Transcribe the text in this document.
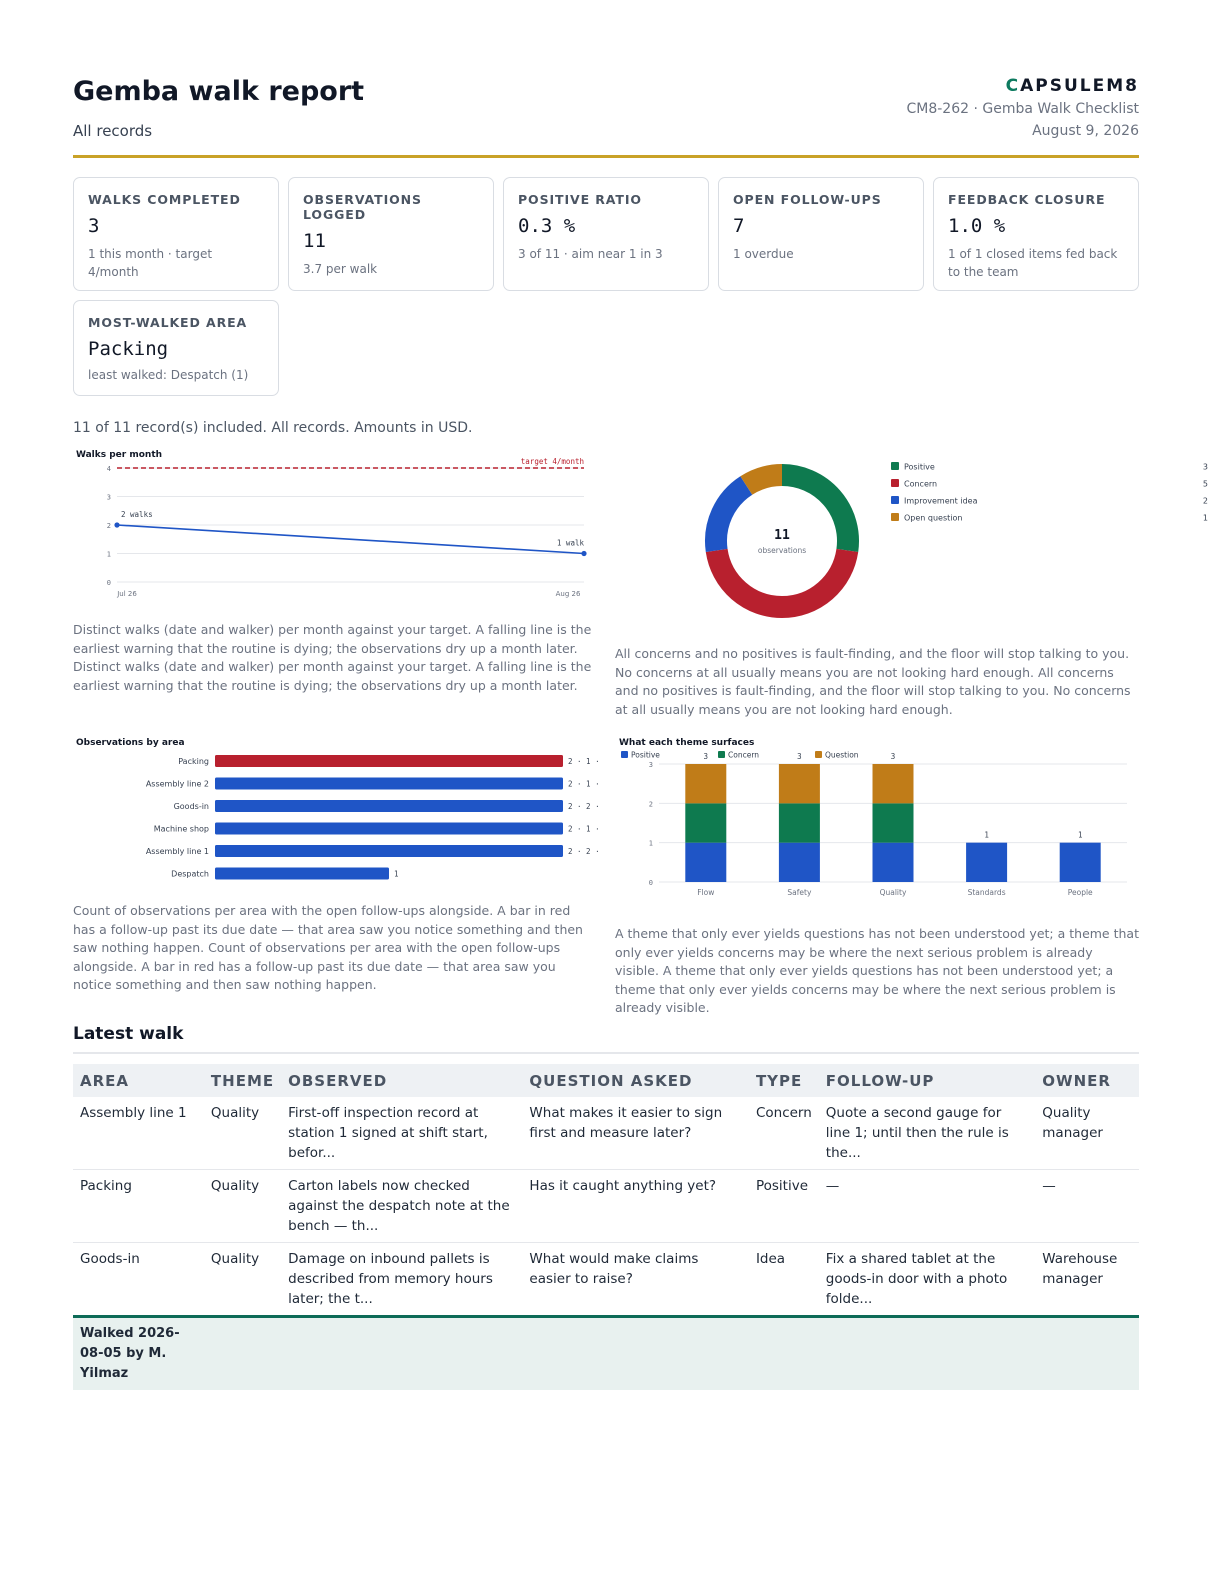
Gemba walk report
All records
CAPSULEM8
CM8-262 · Gemba Walk Checklist
August 9, 2026
WALKS COMPLETED
3
1 this month · target 4/month
OBSERVATIONS LOGGED
11
3.7 per walk
POSITIVE RATIO
0.3 %
3 of 11 · aim near 1 in 3
OPEN FOLLOW-UPS
7
1 overdue
FEEDBACK CLOSURE
1.0 %
1 of 1 closed items fed back to the team
MOST-WALKED AREA
Packing
least walked: Despatch (1)
11 of 11 record(s) included. All records. Amounts in USD.
Walks per month
0
1
2
3
4
target 4/month
2 walks
Jul 26
1 walk
Aug 26
Distinct walks (date and walker) per month against your target. A falling line is the earliest warning that the routine is dying; the observations dry up a month later. Distinct walks (date and walker) per month against your target. A falling line is the earliest warning that the routine is dying; the observations dry up a month later.
11
observations
Positive	3
Concern	5
Improvement idea	2
Open question	1
All concerns and no positives is fault-finding, and the floor will stop talking to you. No concerns at all usually means you are not looking hard enough. All concerns and no positives is fault-finding, and the floor will stop talking to you. No concerns at all usually means you are not looking hard enough.
Observations by area
Packing	2 · 1 ·
Assembly line 2	2 · 1 ·
Goods-in	2 · 2 ·
Machine shop	2 · 1 ·
Assembly line 1	2 · 2 ·
Despatch	1
Count of observations per area with the open follow-ups alongside. A bar in red has a follow-up past its due date — that area saw you notice something and then saw nothing happen. Count of observations per area with the open follow-ups alongside. A bar in red has a follow-up past its due date — that area saw you notice something and then saw nothing happen.
What each theme surfaces
Positive	Concern	Question
0
1
2
3
3
Flow
3
Safety
3
Quality
1
Standards
1
People
A theme that only ever yields questions has not been understood yet; a theme that only ever yields concerns may be where the next serious problem is already visible. A theme that only ever yields questions has not been understood yet; a theme that only ever yields concerns may be where the next serious problem is already visible.
Latest walk
AREA	THEME	OBSERVED	QUESTION ASKED	TYPE	FOLLOW-UP	OWNER
Assembly line 1	Quality	First-off inspection record at station 1 signed at shift start, befor...	What makes it easier to sign first and measure later?	Concern	Quote a second gauge for line 1; until then the rule is the...	Quality manager
Packing	Quality	Carton labels now checked against the despatch note at the bench — th...	Has it caught anything yet?	Positive	—	—
Goods-in	Quality	Damage on inbound pallets is described from memory hours later; the t...	What would make claims easier to raise?	Idea	Fix a shared tablet at the goods-in door with a photo folde...	Warehouse manager
Walked 2026-08-05 by M. Yilmaz						
